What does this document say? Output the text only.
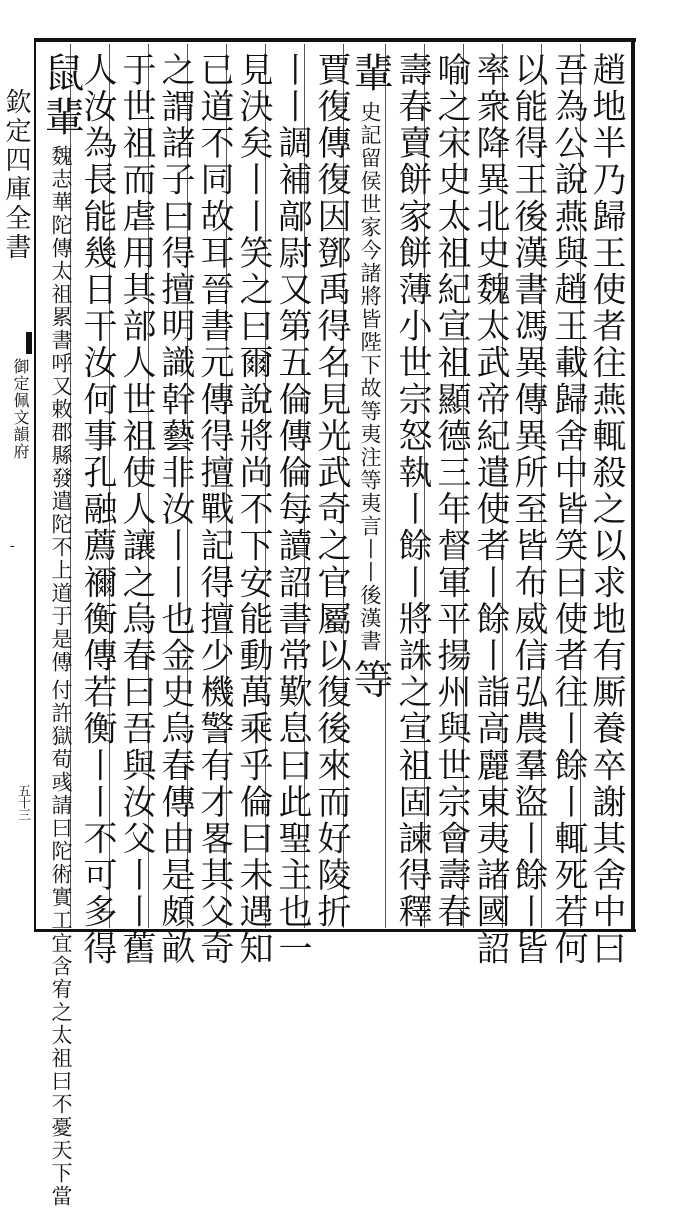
欽定四庫全書
御定佩文韻府
-
五十三	趙地半乃歸王使者往燕輒殺之以求地有厮養卒謝其舍中曰
吾為公說燕與趙王載歸舍中皆笑曰使者往丨餘丨輒死若何
以能得王後漢書馮異傳異所至皆布威信弘農羣盜丨餘丨皆
率衆降異北史魏太武帝紀遣使者丨餘丨詣高麗東夷諸國詔
喻之宋史太祖紀宣祖顯德三年督軍平揚州與世宗會壽春
壽春賣餅家餅薄小世宗怒執丨餘丨將誅之宣祖固諫得釋
輩 史記留侯世家今諸將皆陛下故等夷注等夷言丨丨後漢書 等
賈復傳復因鄧禹得名見光武奇之官屬以復後來而好陵折
丨丨調補鄗尉又第五倫傳倫每讀詔書常歎息曰此聖主也一
見決矣丨丨笑之曰爾說將尚不下安能動萬乘乎倫曰未遇知
已道不同故耳晉書元傳得擅戰記得擅少機警有才畧其父奇
之謂諸子曰得擅明識幹藝非汝丨丨也金史烏春傳由是頗畝
于世祖而虐用其部人世祖使人讓之烏春曰吾與汝父丨丨舊
人汝為長能幾日干汝何事孔融薦禰衡傳若衡丨丨不可多得
鼠輩 魏志華陀傳太祖累書呼又敕郡縣發遣陀不上道于是傅 付許獄荀彧請曰陀術實工宜含宥之太祖曰不憂天下當
